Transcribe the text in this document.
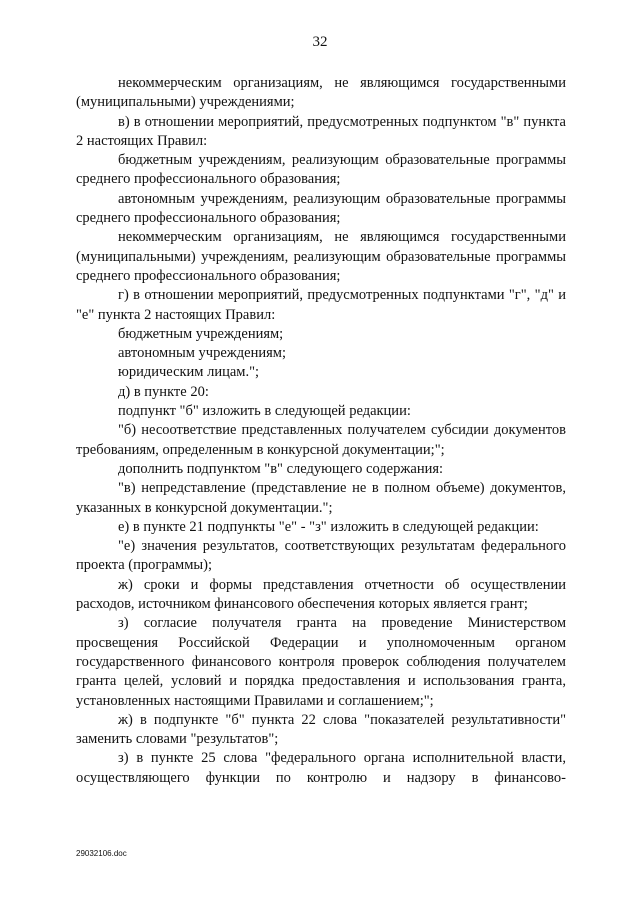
32

некоммерческим организациям, не являющимся государственными (муниципальными) учреждениями;

в) в отношении мероприятий, предусмотренных подпунктом "в" пункта 2 настоящих Правил:

бюджетным учреждениям, реализующим образовательные программы среднего профессионального образования;

автономным учреждениям, реализующим образовательные программы среднего профессионального образования;

некоммерческим организациям, не являющимся государственными (муниципальными) учреждениям, реализующим образовательные программы среднего профессионального образования;

г) в отношении мероприятий, предусмотренных подпунктами "г", "д" и "е" пункта 2 настоящих Правил:

бюджетным учреждениям;

автономным учреждениям;

юридическим лицам.";

д) в пункте 20:

подпункт "б" изложить в следующей редакции:

"б) несоответствие представленных получателем субсидии документов требованиям, определенным в конкурсной документации;";

дополнить подпунктом "в" следующего содержания:

"в) непредставление (представление не в полном объеме) документов, указанных в конкурсной документации.";

е) в пункте 21 подпункты "е" - "з" изложить в следующей редакции:

"е) значения результатов, соответствующих результатам федерального проекта (программы);

ж) сроки и формы представления отчетности об осуществлении расходов, источником финансового обеспечения которых является грант;

з) согласие получателя гранта на проведение Министерством просвещения Российской Федерации и уполномоченным органом государственного финансового контроля проверок соблюдения получателем гранта целей, условий и порядка предоставления и использования гранта, установленных настоящими Правилами и соглашением;";

ж) в подпункте "б" пункта 22 слова "показателей результативности" заменить словами "результатов";

з) в пункте 25 слова "федерального органа исполнительной власти, осуществляющего функции по контролю и надзору в финансово-

29032106.doc
